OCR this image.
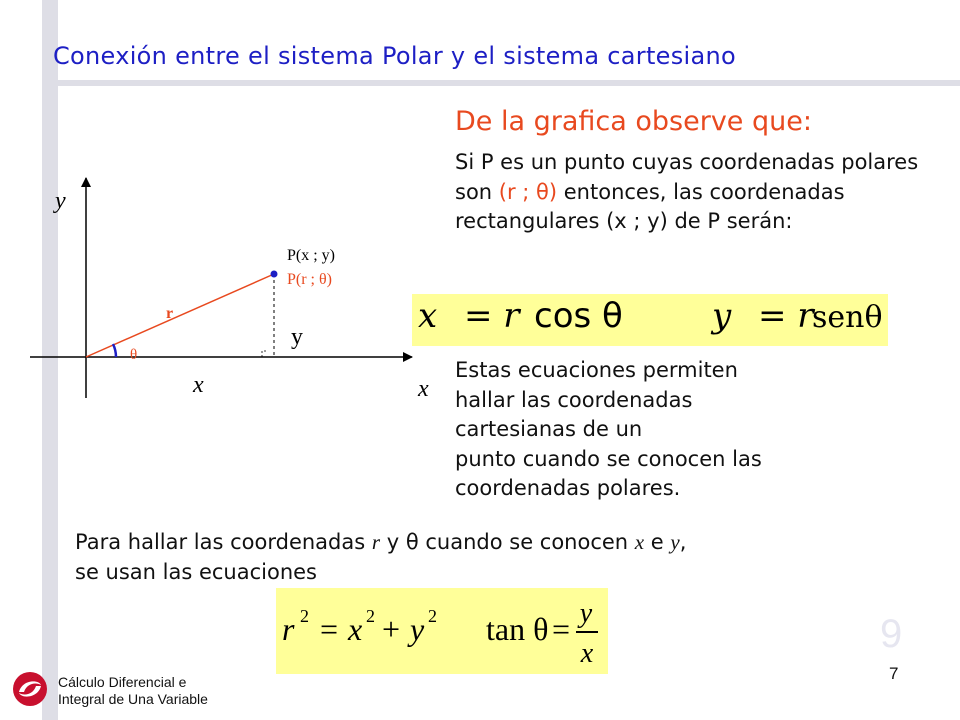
Conexión entre el sistema Polar y el sistema cartesiano
De la grafica observe que:
Si P es un punto cuyas coordenadas polares son (r ; θ) entonces, las coordenadas rectangulares (x ; y) de P serán:
x = r cos θ	y = r
senθ
Estas ecuaciones permiten
hallar las coordenadas
cartesianas de un
punto cuando se conocen las
coordenadas polares.
Para hallar las coordenadas r y θ cuando se conocen x e y,
se usan las ecuaciones
r 2 = x 2 + y 2 tan θ = y
x
y
x
x
y
r
θ
P(x ; y)
P(r ; θ)
9
7
Cálculo Diferencial e
Integral de Una Variable
